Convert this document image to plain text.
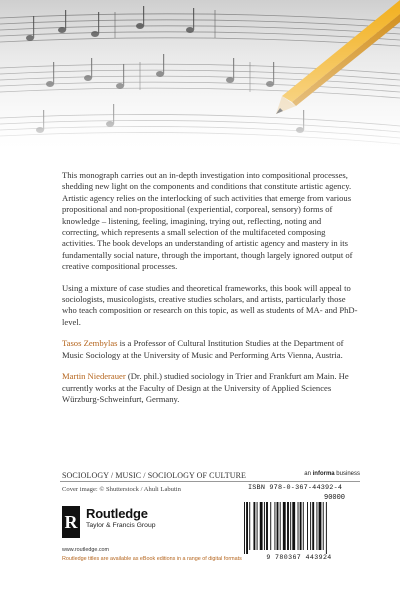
This monograph carries out an in-depth investigation into compositional processes, shedding new light on the components and conditions that constitute artistic agency. Artistic agency relies on the interlocking of such activities that emerge from various propositional and non-propositional (experiential, corporeal, sensory) forms of knowledge – listening, feeling, imagining, trying out, reflecting, noting and correcting, which represents a small selection of the multifaceted composing activities. The book develops an understanding of artistic agency and mastery in its fundamentally social nature, through the important, though largely ignored output of creative compositional processes.

Using a mixture of case studies and theoretical frameworks, this book will appeal to sociologists, musicologists, creative studies scholars, and artists, particularly those who teach composition or research on this topic, as well as students of MA- and PhD-level.

Tasos Zembylas is a Professor of Cultural Institution Studies at the Department of Music Sociology at the University of Music and Performing Arts Vienna, Austria.

Martin Niederauer (Dr. phil.) studied sociology in Trier and Frankfurt am Main. He currently works at the Faculty of Design at the University of Applied Sciences Würzburg-Schweinfurt, Germany.

SOCIOLOGY / MUSIC / SOCIOLOGY OF CULTURE
Cover image: © Shutterstock / Ahuli Labutin
an informa business
R Routledge
Taylor & Francis Group
www.routledge.com
Routledge titles are available as eBook editions in a range of digital formats
ISBN 978-0-367-44392-4
90000
9 780367 443924
